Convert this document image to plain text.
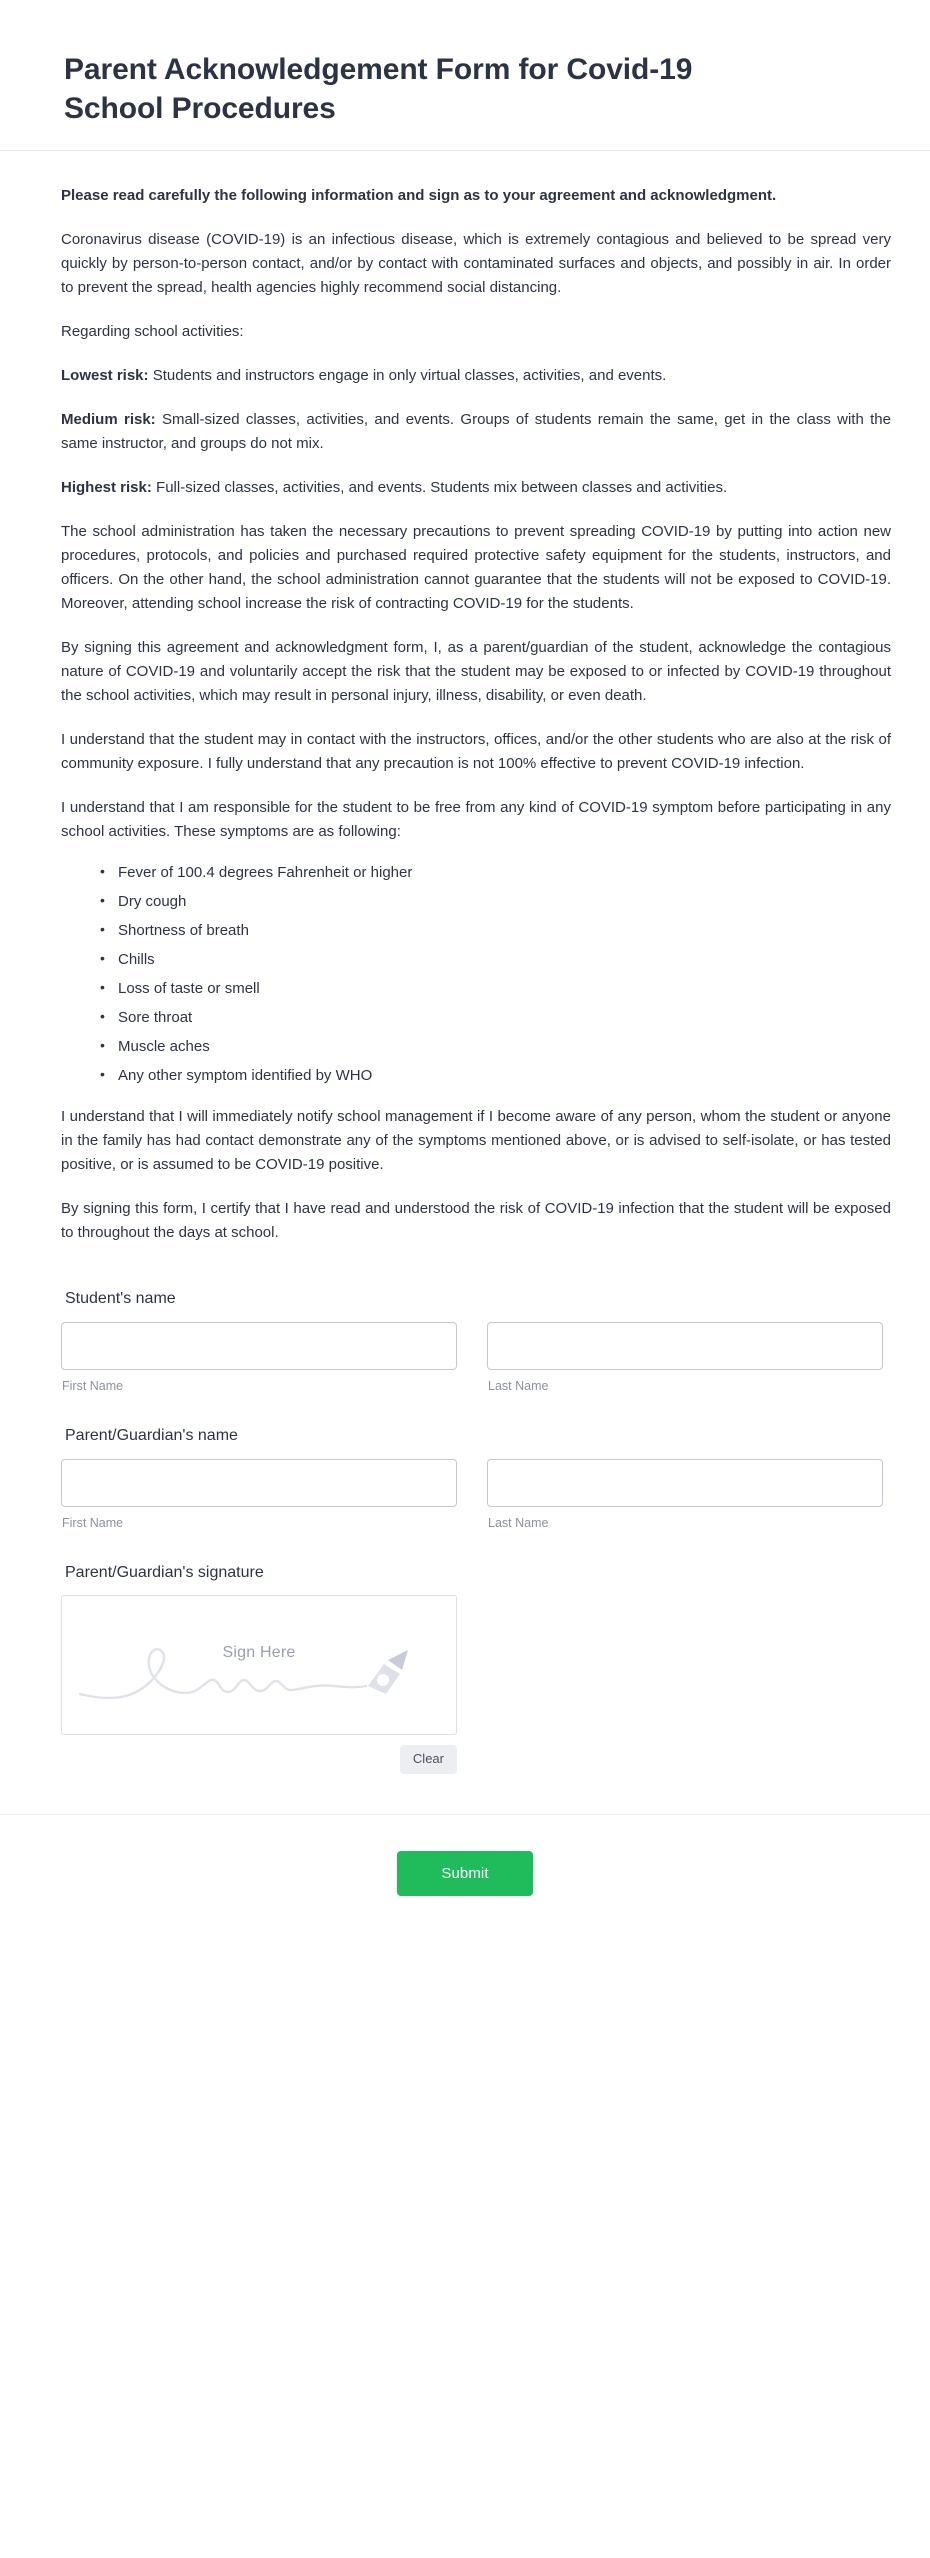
Parent Acknowledgement Form for Covid-19 School Procedures

Please read carefully the following information and sign as to your agreement and acknowledgment.

Coronavirus disease (COVID-19) is an infectious disease, which is extremely contagious and believed to be spread very quickly by person-to-person contact, and/or by contact with contaminated surfaces and objects, and possibly in air. In order to prevent the spread, health agencies highly recommend social distancing.

Regarding school activities:

Lowest risk: Students and instructors engage in only virtual classes, activities, and events.

Medium risk: Small-sized classes, activities, and events. Groups of students remain the same, get in the class with the same instructor, and groups do not mix.

Highest risk: Full-sized classes, activities, and events. Students mix between classes and activities.

The school administration has taken the necessary precautions to prevent spreading COVID-19 by putting into action new procedures, protocols, and policies and purchased required protective safety equipment for the students, instructors, and officers. On the other hand, the school administration cannot guarantee that the students will not be exposed to COVID-19. Moreover, attending school increase the risk of contracting COVID-19 for the students.

By signing this agreement and acknowledgment form, I, as a parent/guardian of the student, acknowledge the contagious nature of COVID-19 and voluntarily accept the risk that the student may be exposed to or infected by COVID-19 throughout the school activities, which may result in personal injury, illness, disability, or even death.

I understand that the student may in contact with the instructors, offices, and/or the other students who are also at the risk of community exposure. I fully understand that any precaution is not 100% effective to prevent COVID-19 infection.

I understand that I am responsible for the student to be free from any kind of COVID-19 symptom before participating in any school activities. These symptoms are as following:

• Fever of 100.4 degrees Fahrenheit or higher
• Dry cough
• Shortness of breath
• Chills
• Loss of taste or smell
• Sore throat
• Muscle aches
• Any other symptom identified by WHO

I understand that I will immediately notify school management if I become aware of any person, whom the student or anyone in the family has had contact demonstrate any of the symptoms mentioned above, or is advised to self-isolate, or has tested positive, or is assumed to be COVID-19 positive.

By signing this form, I certify that I have read and understood the risk of COVID-19 infection that the student will be exposed to throughout the days at school.

Student's name
First Name	Last Name
Parent/Guardian's name
First Name	Last Name
Parent/Guardian's signature
Sign Here
Clear
Submit
